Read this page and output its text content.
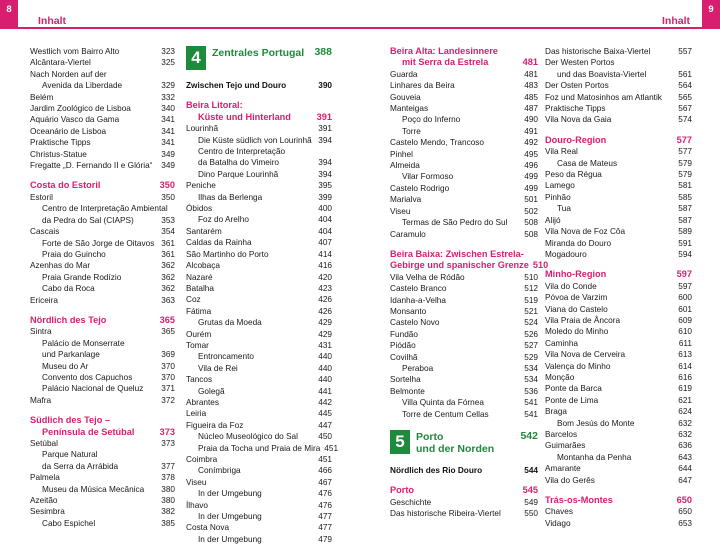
8
Inhalt
Westlich vom Bairro Alto	323
Alcântara-Viertel	325
Nach Norden auf der
Avenida da Liberdade	329
Belém	332
Jardim Zoológico de Lisboa	340
Aquário Vasco da Gama	341
Oceanário de Lisboa	341
Praktische Tipps	341
Christus-Statue	349
Fregatte „D. Fernando II e Glória“	349
Costa do Estoril	350
Estoril	350
Centro de Interpretação Ambiental
da Pedra do Sal (CIAPS)	353
Cascais	354
Forte de São Jorge de Oitavos 361
Praia do Guincho	361
Azenhas do Mar	362
Praia Grande Rodízio	362
Cabo da Roca	362
Ericeira	363
Nördlich des Tejo	365
Sintra	365
Palácio de Monserrate
und Parkanlage	369
Museu do Ar	370
Convento dos Capuchos	370
Palácio Nacional de Queluz	371
Mafra	372
Südlich des Tejo –
Península de Setúbal	373
Setúbal	373
Parque Natural
da Serra da Arrábida	377
Palmela	378
Museu da Música Mecânica	380
Azeitão	380
Sesimbra	382
Cabo Espichel	385
4	Zentrales Portugal 388
Zwischen Tejo und Douro	390
Beira Litoral:
Küste und Hinterland	391
Lourinhã	391
Die Küste südlich von Lourinhã 394
Centro de Interpretação
da Batalha do Vimeiro	394
Dino Parque Lourinhã	394
Peniche	395
Ilhas da Berlenga	399
Óbidos	400
Foz do Arelho	404
Santarém	404
Caldas da Rainha	407
São Martinho do Porto	414
Alcobaça	416
Nazaré	420
Batalha	423
Coz	426
Fátima	426
Grutas da Moeda	429
Ourém	429
Tomar	431
Entroncamento	440
Vila de Rei	440
Tancos	440
Golegã	441
Abrantes	442
Leiria	445
Figueira da Foz	447
Núcleo Museológico do Sal	450
Praia da Tocha und Praia de Mira 451
Coimbra	451
Conímbriga	466
Viseu	467
In der Umgebung	476
Ílhavo	476
In der Umgebung	477
Costa Nova	477
In der Umgebung	479
Inhalt
9
Beira Alta: Landesinnere
mit Serra da Estrela	481
Guarda	481
Linhares da Beira	483
Gouveia	485
Manteigas	487
Poço do Inferno	490
Torre	491
Castelo Mendo, Trancoso	492
Pinhel	495
Almeida	496
Vilar Formoso	499
Castelo Rodrigo	499
Marialva	501
Viseu	502
Termas de São Pedro do Sul	508
Caramulo	508
Beira Baixa: Zwischen Estrela-
Gebirge und spanischer Grenze 510
Vila Velha de Ródão	510
Castelo Branco	512
Idanha-a-Velha	519
Monsanto	521
Castelo Novo	524
Fundão	526
Piódão	527
Covilhã	529
Peraboa	534
Sortelha	534
Belmonte	536
Villa Quinta da Fórnea	541
Torre de Centum Cellas	541
5	Porto
und der Norden
542
Nördlich des Rio Douro	544
Porto	545
Geschichte	549
Das historische Ribeira-Viertel	550
Das historische Baixa-Viertel	557
Der Westen Portos
und das Boavista-Viertel	561
Der Osten Portos	564
Foz und Matosinhos am Atlantik	565
Praktische Tipps	567
Vila Nova da Gaia	574
Douro-Region	577
Vila Real	577
Casa de Mateus	579
Peso da Régua	579
Lamego	581
Pinhão	585
Tua	587
Alijó	587
Vila Nova de Foz Côa	589
Miranda do Douro	591
Mogadouro	594
Minho-Region	597
Vila do Conde	597
Póvoa de Varzim	600
Viana do Castelo	601
Vila Praia de Âncora	609
Moledo do Minho	610
Caminha	611
Vila Nova de Cerveira	613
Valença do Minho	614
Monção	616
Ponte da Barca	619
Ponte de Lima	621
Braga	624
Bom Jesús do Monte	632
Barcelos	632
Guimarães	636
Montanha da Penha	643
Amarante	644
Vila do Gerês	647
Trás-os-Montes	650
Chaves	650
Vidago	653
